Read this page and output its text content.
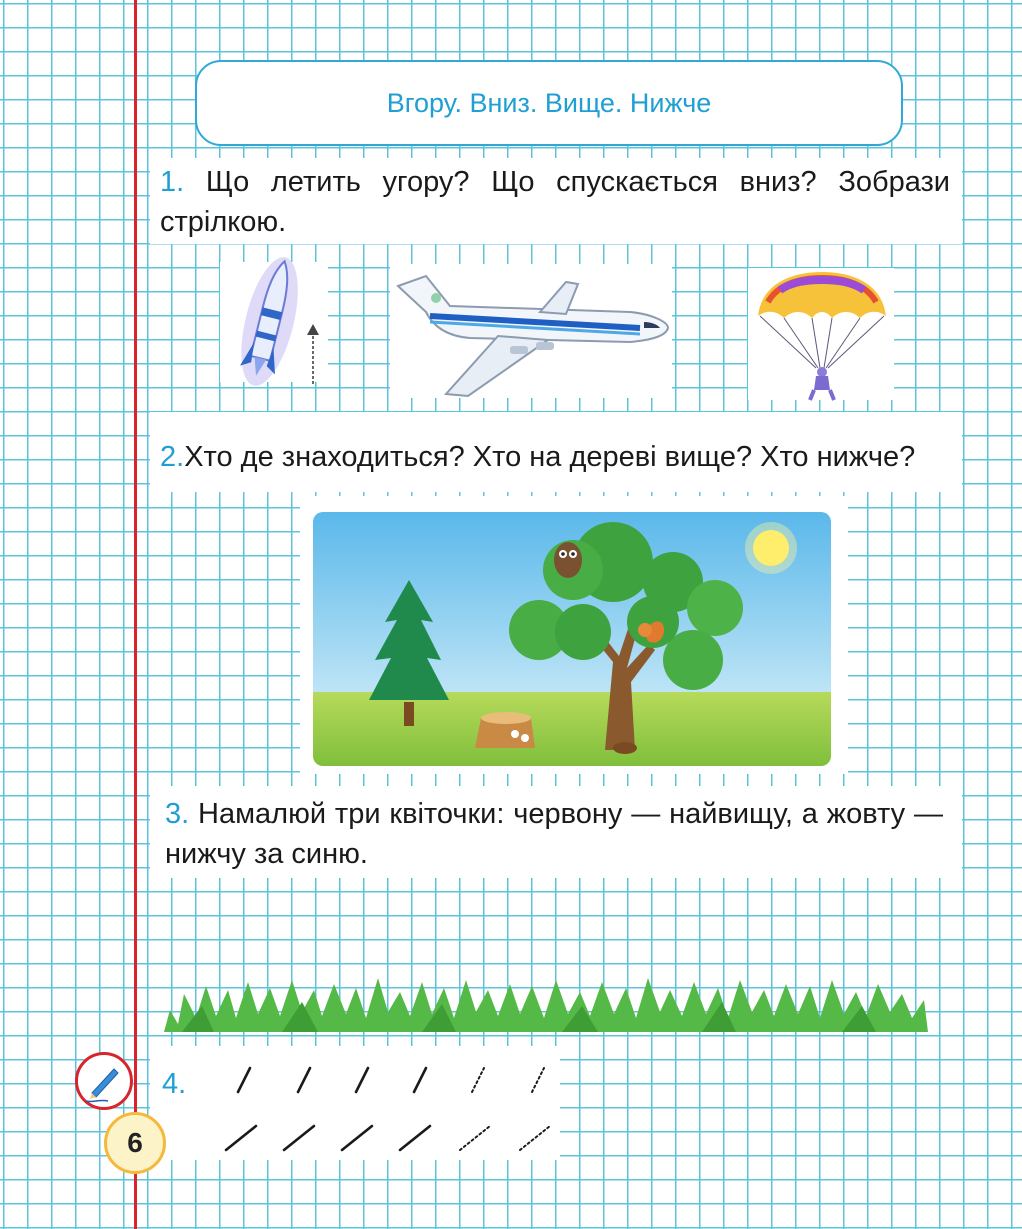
Вгору. Вниз. Вище. Нижче
1. Що летить угору? Що спускається вниз? Зобрази стрілкою.
2.Хто де знаходиться? Хто на дереві вище? Хто нижче?
3. Намалюй три квіточки: червону — найвищу, а жовту — нижчу за синю.
4.
6
